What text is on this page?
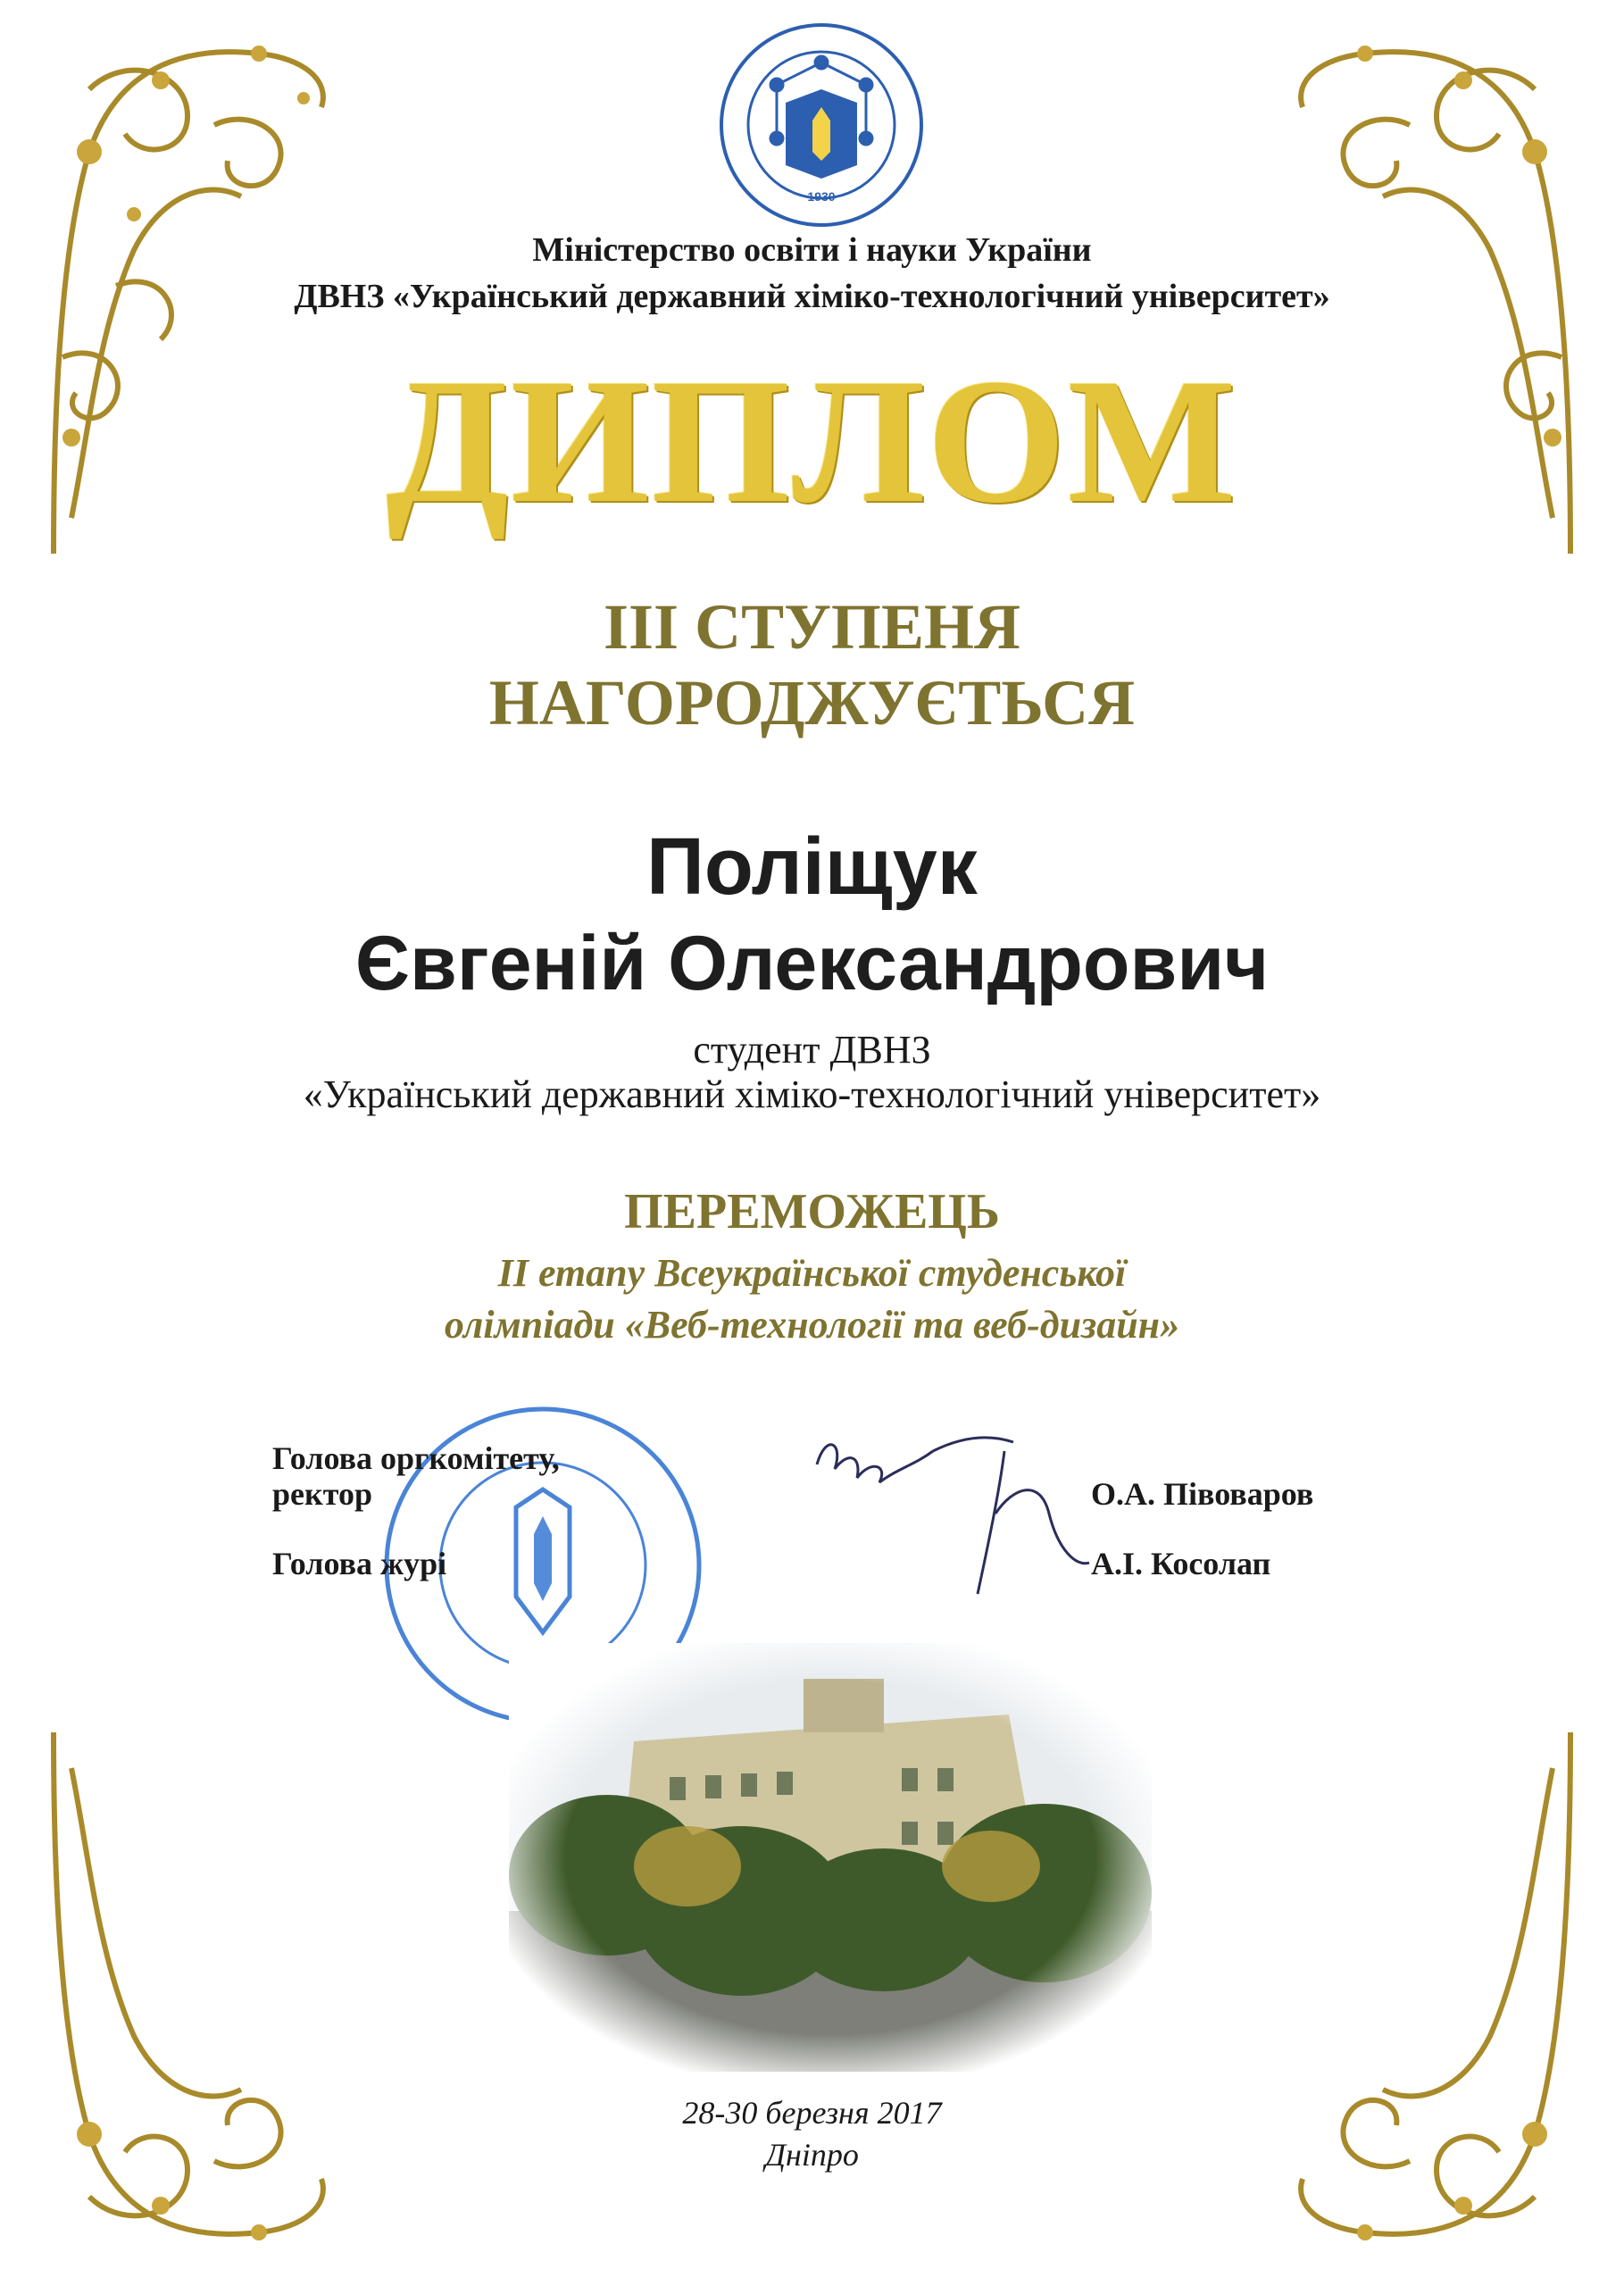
1930
Міністерство освіти і науки України
ДВНЗ «Український державний хіміко-технологічний університет»
ДИПЛОМ
ІІІ СТУПЕНЯ
НАГОРОДЖУЄТЬСЯ
Поліщук
Євгеній Олександрович
студент ДВНЗ
«Український державний хіміко-технологічний університет»
ПЕРЕМОЖЕЦЬ
ІІ етапу Всеукраїнської студенської
олімпіади «Веб-технології та веб-дизайн»
Голова оргкомітету,
ректор
Голова журі
О.А. Півоваров
А.І. Косолап
28-30 березня 2017
Дніпро
